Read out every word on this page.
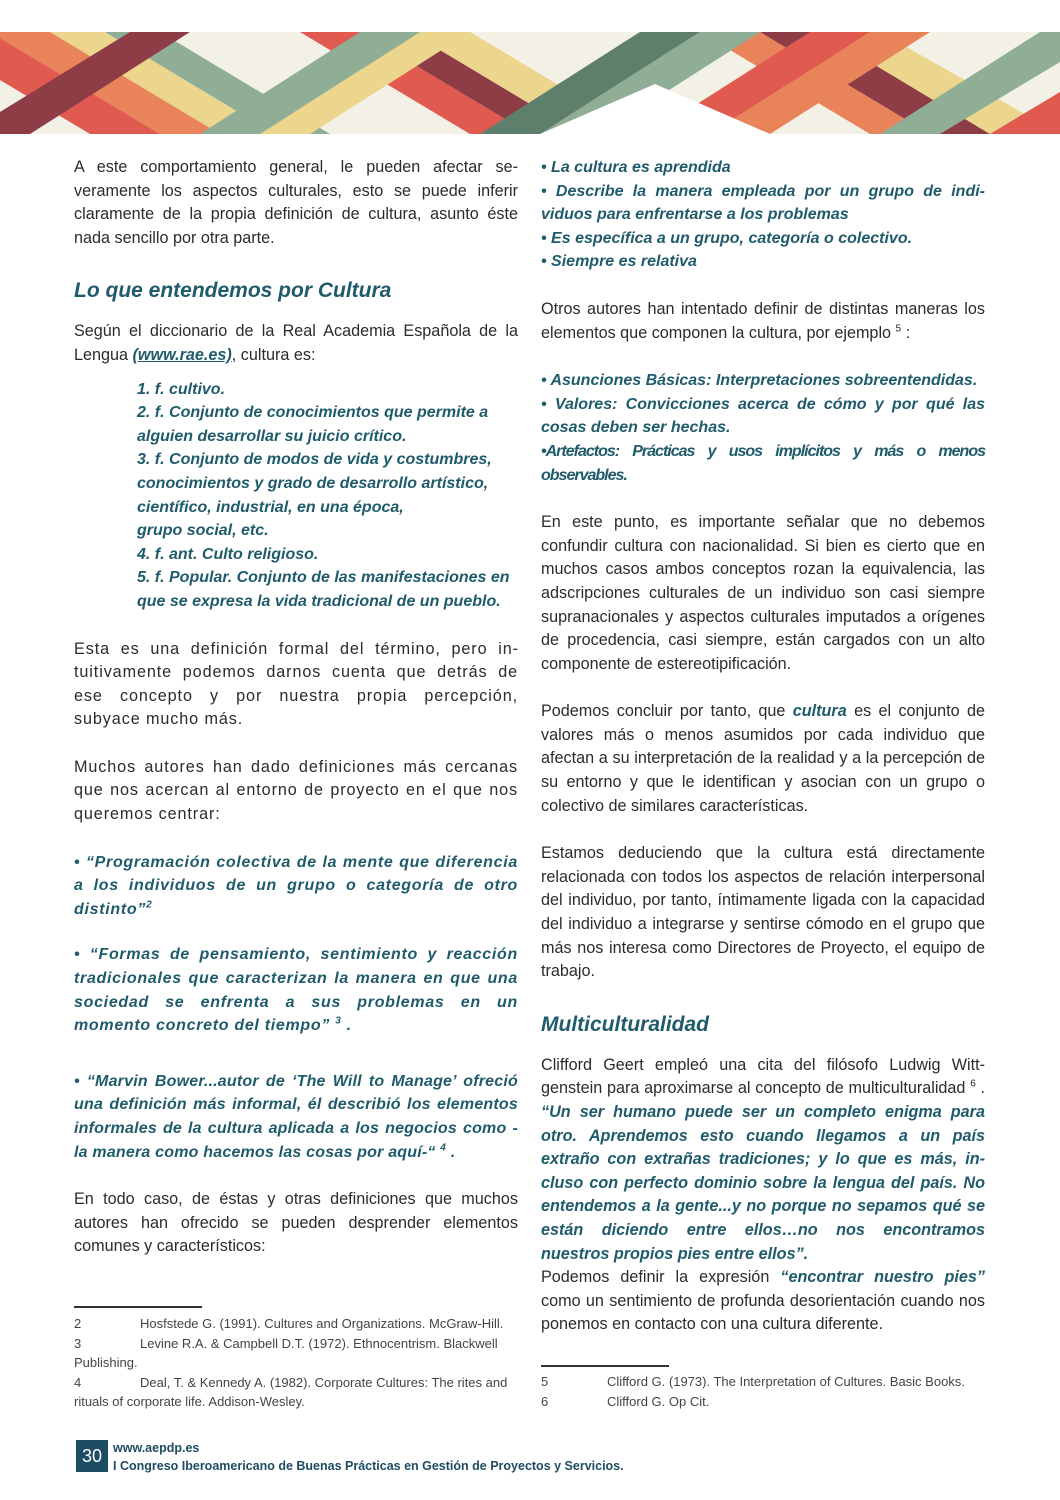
A este comportamiento general, le pueden afectar severamente los aspectos culturales, esto se puede inferir claramente de la propia definición de cultura, asunto éste nada sencillo por otra parte.

Lo que entendemos por Cultura

Según el diccionario de la Real Academia Española de la Lengua (www.rae.es), cultura es:

1. f. cultivo.
2. f. Conjunto de conocimientos que permite a alguien desarrollar su juicio crítico.
3. f. Conjunto de modos de vida y costumbres, conocimientos y grado de desarrollo artístico, científico, industrial, en una época,
grupo social, etc.
4. f. ant. Culto religioso.
5. f. Popular. Conjunto de las manifestaciones en que se expresa la vida tradicional de un pueblo.

Esta es una definición formal del término, pero intuitivamente podemos darnos cuenta que detrás de ese concepto y por nuestra propia percepción, subyace mucho más.

Muchos autores han dado definiciones más cercanas que nos acercan al entorno de proyecto en el que nos queremos centrar:

• “Programación colectiva de la mente que diferencia a los individuos de un grupo o categoría de otro distinto”$^2$

• “Formas de pensamiento, sentimiento y reacción tradicionales que caracterizan la manera en que una sociedad se enfrenta a sus problemas en un momento concreto del tiempo” $^3$ .

• “Marvin Bower...autor de ‘The Will to Manage’ ofreció una definición más informal, él describió los elementos informales de la cultura aplicada a los negocios como -la manera como hacemos las cosas por aquí-“ $^4$ .

En todo caso, de éstas y otras definiciones que muchos autores han ofrecido se pueden desprender elementos comunes y característicos:

2	Hosfstede G. (1991). Cultures and Organizations. McGraw-Hill.
3	Levine R.A. & Campbell D.T. (1972). Ethnocentrism. Blackwell Publishing.
4	Deal, T. & Kennedy A. (1982). Corporate Cultures: The rites and rituals of corporate life. Addison-Wesley.
• La cultura es aprendida
• Describe la manera empleada por un grupo de individuos para enfrentarse a los problemas
• Es específica a un grupo, categoría o colectivo.
• Siempre es relativa

Otros autores han intentado definir de distintas maneras los elementos que componen la cultura, por ejemplo $^5$ :

• Asunciones Básicas: Interpretaciones sobreentendidas.
• Valores: Convicciones acerca de cómo y por qué las cosas deben ser hechas.
•Artefactos: Prácticas y usos implícitos y más o menos observables.

En este punto, es importante señalar que no debemos confundir cultura con nacionalidad. Si bien es cierto que en muchos casos ambos conceptos rozan la equivalencia, las adscripciones culturales de un individuo son casi siempre supranacionales y aspectos culturales imputados a orígenes de procedencia, casi siempre, están cargados con un alto componente de estereotipificación.

Podemos concluir por tanto, que cultura es el conjunto de valores más o menos asumidos por cada individuo que afectan a su interpretación de la realidad y a la percepción de su entorno y que le identifican y asocian con un grupo o colectivo de similares características.

Estamos deduciendo que la cultura está directamente relacionada con todos los aspectos de relación interpersonal del individuo, por tanto, íntimamente ligada con la capacidad del individuo a integrarse y sentirse cómodo en el grupo que más nos interesa como Directores de Proyecto, el equipo de trabajo.

Multiculturalidad

Clifford Geert empleó una cita del filósofo Ludwig Wittgenstein para aproximarse al concepto de multiculturalidad $^6$ . “Un ser humano puede ser un completo enigma para otro. Aprendemos esto cuando llegamos a un país extraño con extrañas tradiciones; y lo que es más, incluso con perfecto dominio sobre la lengua del país. No entendemos a la gente...y no porque no sepamos qué se están diciendo entre ellos…no nos encontramos nuestros propios pies entre ellos”.

Podemos definir la expresión “encontrar nuestro pies” como un sentimiento de profunda desorientación cuando nos ponemos en contacto con una cultura diferente.

5	Clifford G. (1973). The Interpretation of Cultures. Basic Books.
6	Clifford G. Op Cit.
30 www.aepdp.es
I Congreso Iberoamericano de Buenas Prácticas en Gestión de Proyectos y Servicios.
